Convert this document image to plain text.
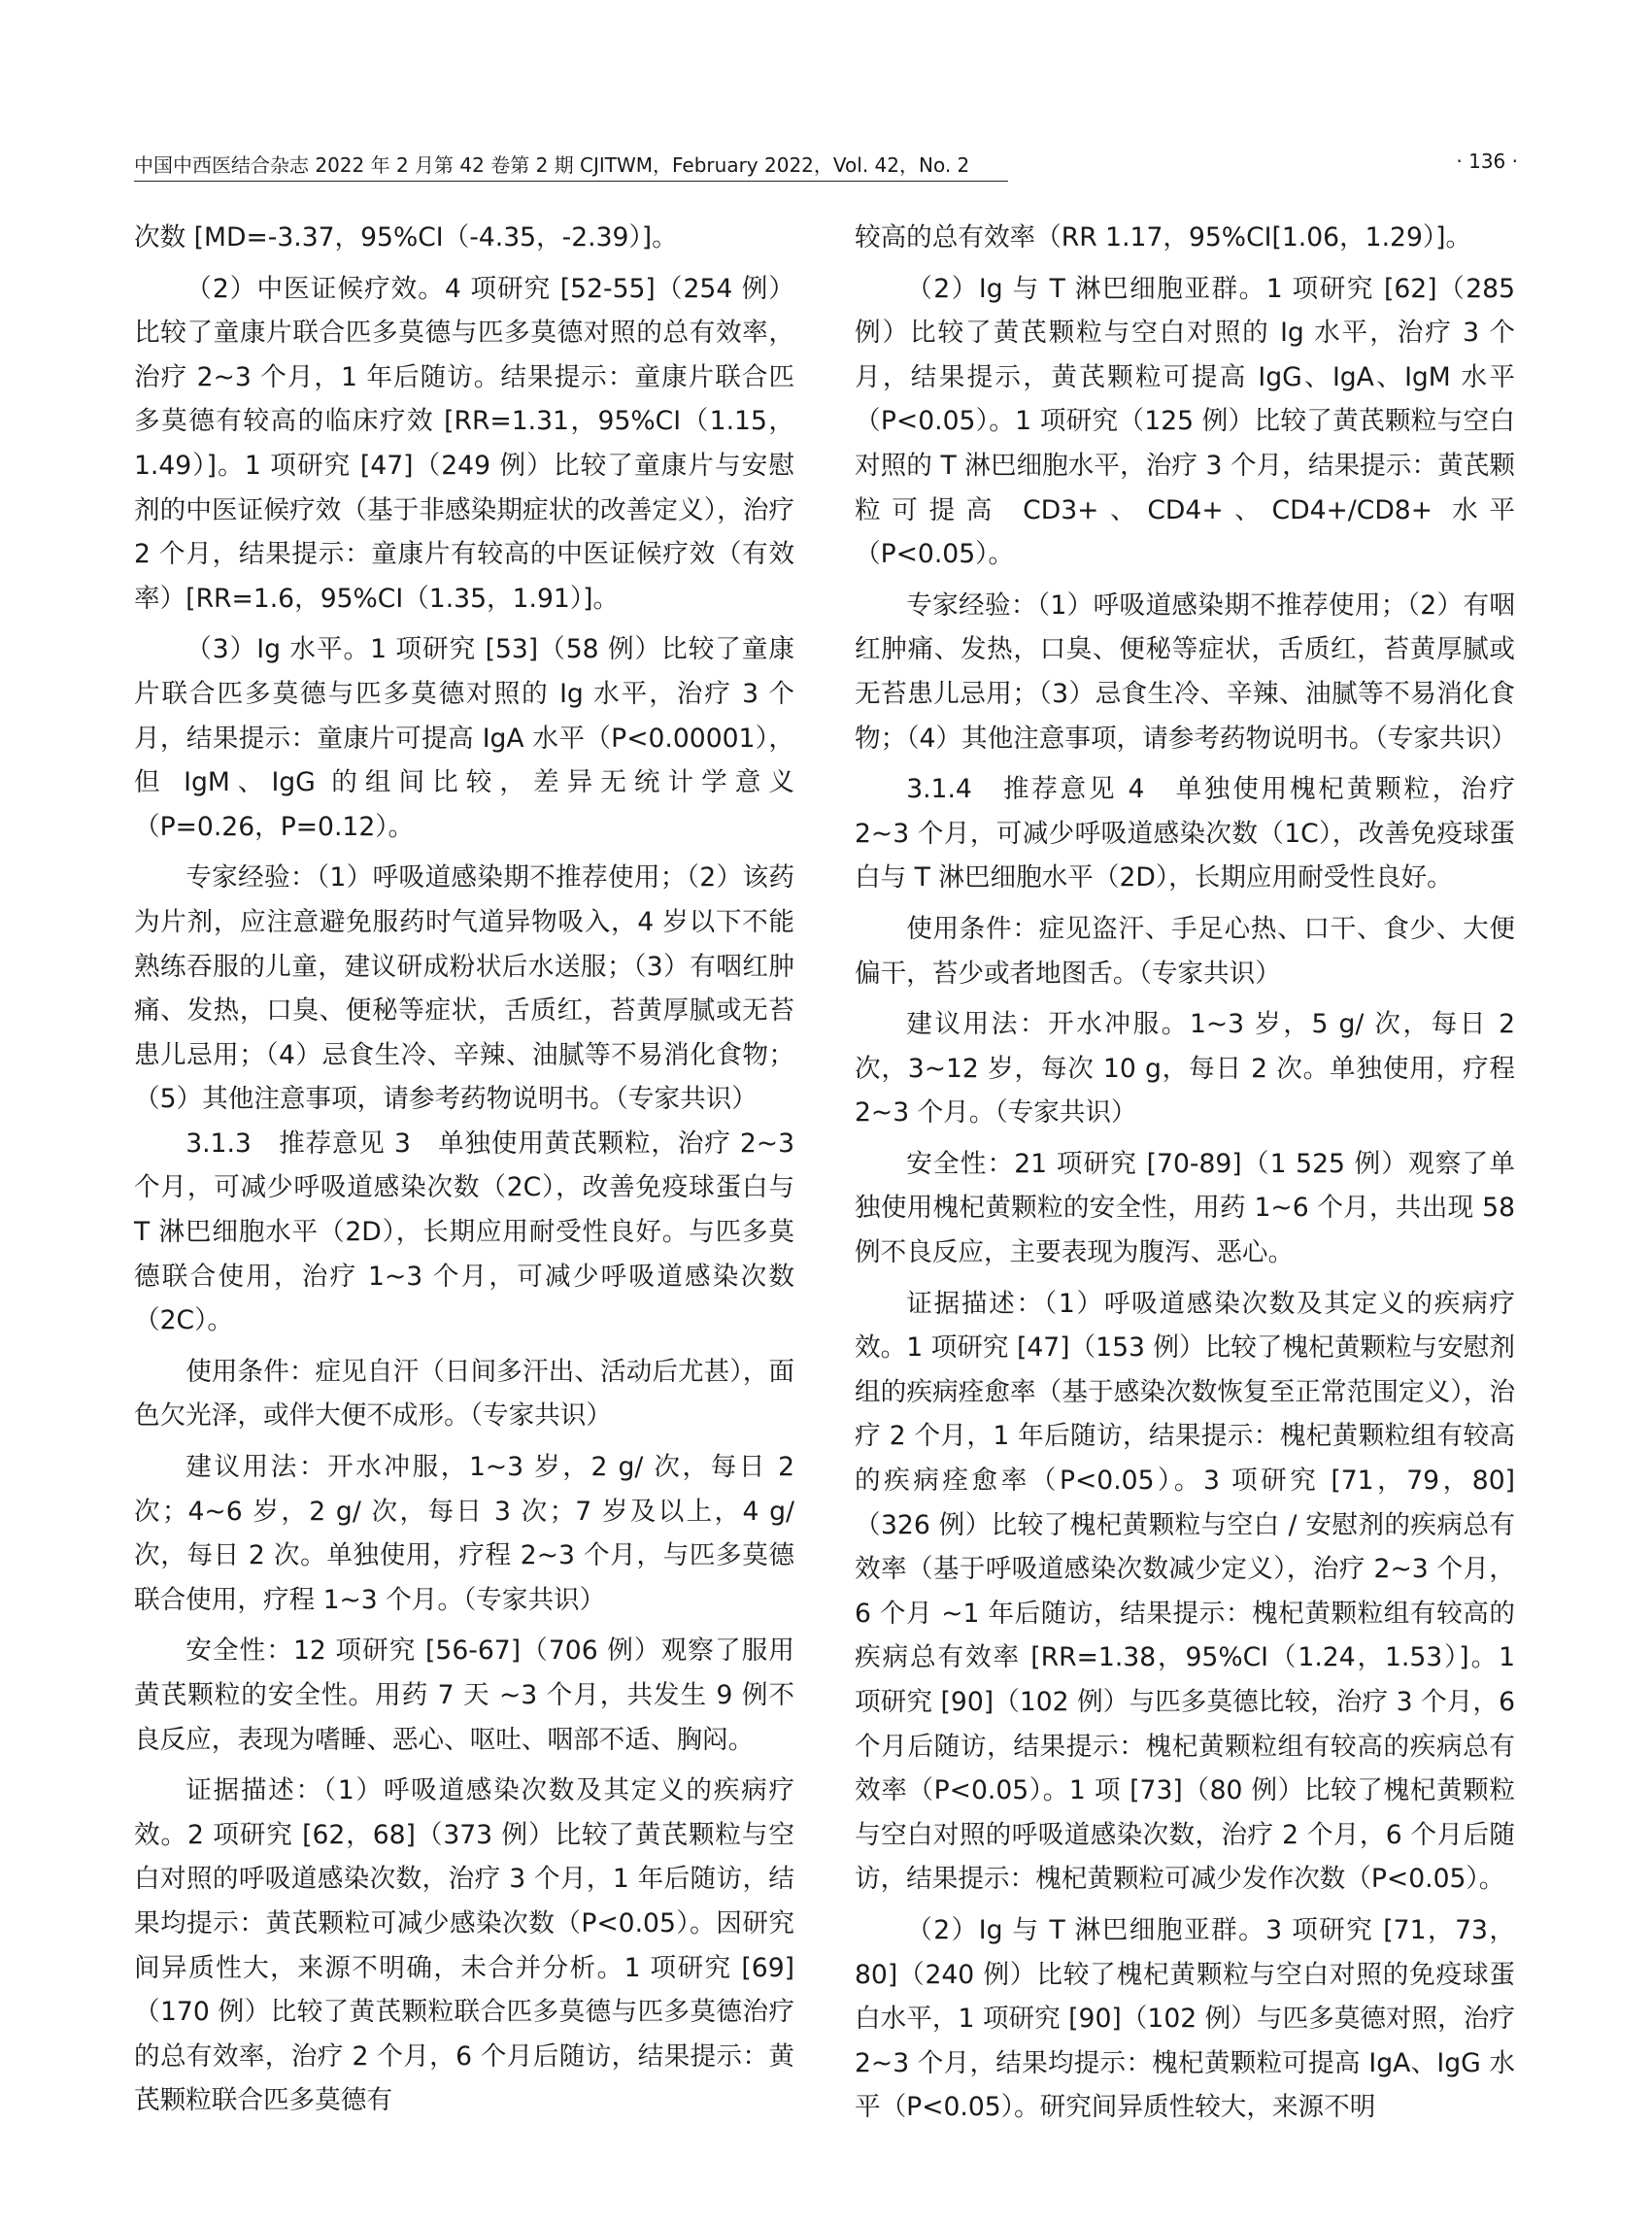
中国中西医结合杂志 2022 年 2 月第 42 卷第 2 期 CJITWM，February 2022，Vol. 42，No. 2	· 136 ·

次数 [MD=-3.37，95%CI（-4.35，-2.39）]。

（2）中医证候疗效。4 项研究 [52-55]（254 例）比较了童康片联合匹多莫德与匹多莫德对照的总有效率，治疗 2~3 个月，1 年后随访。结果提示：童康片联合匹多莫德有较高的临床疗效 [RR=1.31，95%CI（1.15，1.49）]。1 项研究 [47]（249 例）比较了童康片与安慰剂的中医证候疗效（基于非感染期症状的改善定义），治疗 2 个月，结果提示：童康片有较高的中医证候疗效（有效率）[RR=1.6，95%CI（1.35，1.91）]。

（3）Ig 水平。1 项研究 [53]（58 例）比较了童康片联合匹多莫德与匹多莫德对照的 Ig 水平，治疗 3 个月，结果提示：童康片可提高 IgA 水平（P<0.00001），但 IgM、IgG 的组间比较，差异无统计学意义（P=0.26，P=0.12）。

专家经验：（1）呼吸道感染期不推荐使用；（2）该药为片剂，应注意避免服药时气道异物吸入，4 岁以下不能熟练吞服的儿童，建议研成粉状后水送服；（3）有咽红肿痛、发热，口臭、便秘等症状，舌质红，苔黄厚腻或无苔患儿忌用；（4）忌食生冷、辛辣、油腻等不易消化食物；（5）其他注意事项，请参考药物说明书。（专家共识）

3.1.3　推荐意见 3　单独使用黄芪颗粒，治疗 2~3 个月，可减少呼吸道感染次数（2C），改善免疫球蛋白与 T 淋巴细胞水平（2D），长期应用耐受性良好。与匹多莫德联合使用，治疗 1~3 个月，可减少呼吸道感染次数（2C）。

使用条件：症见自汗（日间多汗出、活动后尤甚），面色欠光泽，或伴大便不成形。（专家共识）

建议用法：开水冲服，1~3 岁，2 g/ 次，每日 2 次；4~6 岁，2 g/ 次，每日 3 次；7 岁及以上，4 g/ 次，每日 2 次。单独使用，疗程 2~3 个月，与匹多莫德联合使用，疗程 1~3 个月。（专家共识）

安全性：12 项研究 [56-67]（706 例）观察了服用黄芪颗粒的安全性。用药 7 天 ~3 个月，共发生 9 例不良反应，表现为嗜睡、恶心、呕吐、咽部不适、胸闷。

证据描述：（1）呼吸道感染次数及其定义的疾病疗效。2 项研究 [62，68]（373 例）比较了黄芪颗粒与空白对照的呼吸道感染次数，治疗 3 个月，1 年后随访，结果均提示：黄芪颗粒可减少感染次数（P<0.05）。因研究间异质性大，来源不明确，未合并分析。1 项研究 [69]（170 例）比较了黄芪颗粒联合匹多莫德与匹多莫德治疗的总有效率，治疗 2 个月，6 个月后随访，结果提示：黄芪颗粒联合匹多莫德有

较高的总有效率（RR 1.17，95%CI[1.06，1.29）]。

（2）Ig 与 T 淋巴细胞亚群。1 项研究 [62]（285 例）比较了黄芪颗粒与空白对照的 Ig 水平，治疗 3 个月，结果提示，黄芪颗粒可提高 IgG、IgA、IgM 水平（P<0.05）。1 项研究（125 例）比较了黄芪颗粒与空白对照的 T 淋巴细胞水平，治疗 3 个月，结果提示：黄芪颗粒可提高 CD3+、CD4+、CD4+/CD8+ 水平（P<0.05）。

专家经验：（1）呼吸道感染期不推荐使用；（2）有咽红肿痛、发热，口臭、便秘等症状，舌质红，苔黄厚腻或无苔患儿忌用；（3）忌食生冷、辛辣、油腻等不易消化食物；（4）其他注意事项，请参考药物说明书。（专家共识）

3.1.4　推荐意见 4　单独使用槐杞黄颗粒，治疗 2~3 个月，可减少呼吸道感染次数（1C），改善免疫球蛋白与 T 淋巴细胞水平（2D），长期应用耐受性良好。

使用条件：症见盗汗、手足心热、口干、食少、大便偏干，苔少或者地图舌。（专家共识）

建议用法：开水冲服。1~3 岁，5 g/ 次，每日 2 次，3~12 岁，每次 10 g，每日 2 次。单独使用，疗程 2~3 个月。（专家共识）

安全性：21 项研究 [70-89]（1 525 例）观察了单独使用槐杞黄颗粒的安全性，用药 1~6 个月，共出现 58 例不良反应，主要表现为腹泻、恶心。

证据描述：（1）呼吸道感染次数及其定义的疾病疗效。1 项研究 [47]（153 例）比较了槐杞黄颗粒与安慰剂组的疾病痊愈率（基于感染次数恢复至正常范围定义），治疗 2 个月，1 年后随访，结果提示：槐杞黄颗粒组有较高的疾病痊愈率（P<0.05）。3 项研究 [71，79，80]（326 例）比较了槐杞黄颗粒与空白 / 安慰剂的疾病总有效率（基于呼吸道感染次数减少定义），治疗 2~3 个月，6 个月 ~1 年后随访，结果提示：槐杞黄颗粒组有较高的疾病总有效率 [RR=1.38，95%CI（1.24，1.53）]。1 项研究 [90]（102 例）与匹多莫德比较，治疗 3 个月，6 个月后随访，结果提示：槐杞黄颗粒组有较高的疾病总有效率（P<0.05）。1 项 [73]（80 例）比较了槐杞黄颗粒与空白对照的呼吸道感染次数，治疗 2 个月，6 个月后随访，结果提示：槐杞黄颗粒可减少发作次数（P<0.05）。

（2）Ig 与 T 淋巴细胞亚群。3 项研究 [71，73，80]（240 例）比较了槐杞黄颗粒与空白对照的免疫球蛋白水平，1 项研究 [90]（102 例）与匹多莫德对照，治疗 2~3 个月，结果均提示：槐杞黄颗粒可提高 IgA、IgG 水平（P<0.05）。研究间异质性较大，来源不明
